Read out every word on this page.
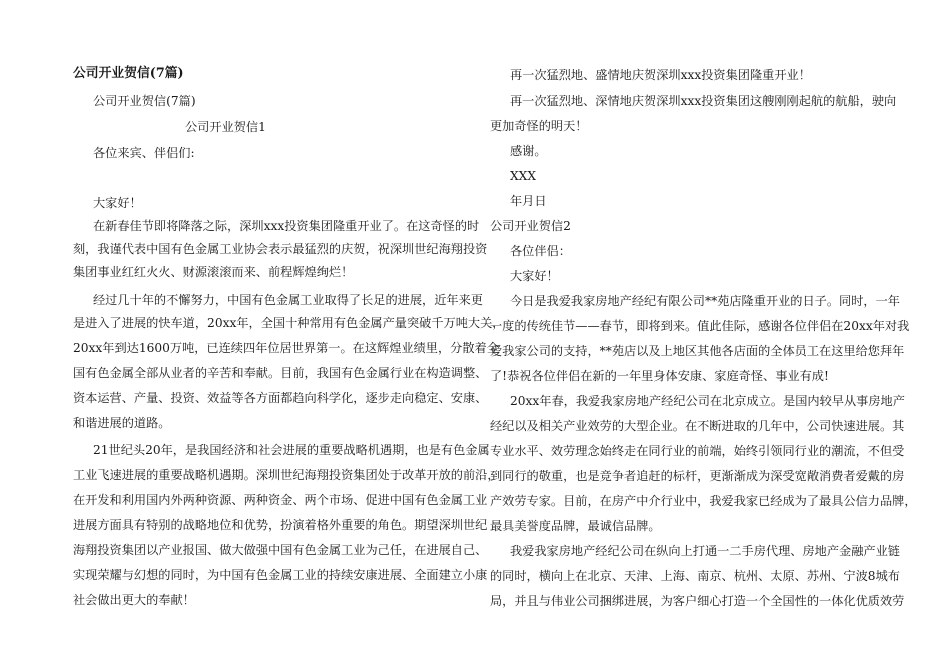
公司开业贺信(7篇)
公司开业贺信(7篇)
公司开业贺信1
各位来宾、伴侣们:
大家好！
在新春佳节即将降落之际，深圳xxx投资集团隆重开业了。在这奇怪的时
刻，我谨代表中国有色金属工业协会表示最猛烈的庆贺，祝深圳世纪海翔投资
集团事业红红火火、财源滚滚而来、前程辉煌绚烂！
经过几十年的不懈努力，中国有色金属工业取得了长足的进展，近年来更
是进入了进展的快车道，20xx年，全国十种常用有色金属产量突破千万吨大关，
20xx年到达1600万吨，已连续四年位居世界第一。在这辉煌业绩里，分散着全
国有色金属全部从业者的辛苦和奉献。目前，我国有色金属行业在构造调整、
资本运营、产量、投资、效益等各方面都趋向科学化，逐步走向稳定、安康、
和谐进展的道路。
21世纪头20年，是我国经济和社会进展的重要战略机遇期，也是有色金属
工业飞速进展的重要战略机遇期。深圳世纪海翔投资集团处于改革开放的前沿，
在开发和利用国内外两种资源、两种资金、两个市场、促进中国有色金属工业
进展方面具有特别的战略地位和优势，扮演着格外重要的角色。期望深圳世纪
海翔投资集团以产业报国、做大做强中国有色金属工业为己任，在进展自己、
实现荣耀与幻想的同时，为中国有色金属工业的持续安康进展、全面建立小康
社会做出更大的奉献！
再一次猛烈地、盛情地庆贺深圳xxx投资集团隆重开业！
再一次猛烈地、深情地庆贺深圳xxx投资集团这艘刚刚起航的航船，驶向
更加奇怪的明天！
感谢。
XXX
年月日
公司开业贺信2
各位伴侣：
大家好！
今日是我爱我家房地产经纪有限公司**苑店隆重开业的日子。同时，一年
一度的传统佳节——春节，即将到来。值此佳际，感谢各位伴侣在20xx年对我
爱我家公司的支持，**苑店以及上地区其他各店面的全体员工在这里给您拜年
了!恭祝各位伴侣在新的一年里身体安康、家庭奇怪、事业有成!
20xx年春，我爱我家房地产经纪公司在北京成立。是国内较早从事房地产
经纪以及相关产业效劳的大型企业。在不断进取的几年中，公司快速进展。其
专业水平、效劳理念始终走在同行业的前端，始终引领同行业的潮流，不但受
到同行的敬重，也是竞争者追赶的标杆，更渐渐成为深受宽敞消费者爱戴的房
产效劳专家。目前，在房产中介行业中，我爱我家已经成为了最具公信力品牌，
最具美誉度品牌，最诚信品牌。
我爱我家房地产经纪公司在纵向上打通一二手房代理、房地产金融产业链
的同时，横向上在北京、天津、上海、南京、杭州、太原、苏州、宁波8城布
局，并且与伟业公司捆绑进展，为客户细心打造一个全国性的一体化优质效劳
